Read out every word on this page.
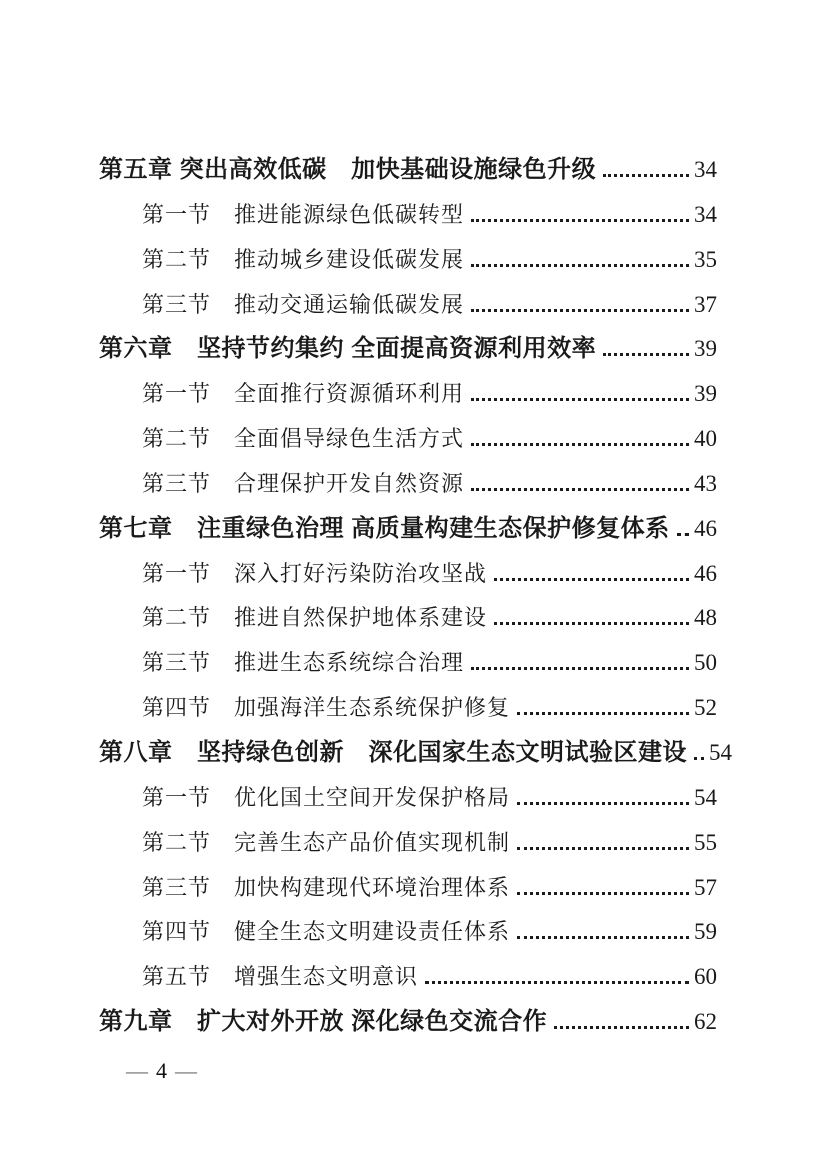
第五章 突出高效低碳　加快基础设施绿色升级	34
第一节　推进能源绿色低碳转型	34
第二节　推动城乡建设低碳发展	35
第三节　推动交通运输低碳发展	37
第六章　坚持节约集约 全面提高资源利用效率	39
第一节　全面推行资源循环利用	39
第二节　全面倡导绿色生活方式	40
第三节　合理保护开发自然资源	43
第七章　注重绿色治理 高质量构建生态保护修复体系 46
第一节　深入打好污染防治攻坚战	46
第二节　推进自然保护地体系建设	48
第三节　推进生态系统综合治理	50
第四节　加强海洋生态系统保护修复	52
第八章　坚持绿色创新　深化国家生态文明试验区建设 54
第一节　优化国土空间开发保护格局	54
第二节　完善生态产品价值实现机制	55
第三节　加快构建现代环境治理体系	57
第四节　健全生态文明建设责任体系	59
第五节　增强生态文明意识	60
第九章　扩大对外开放 深化绿色交流合作	62
— 4 —
